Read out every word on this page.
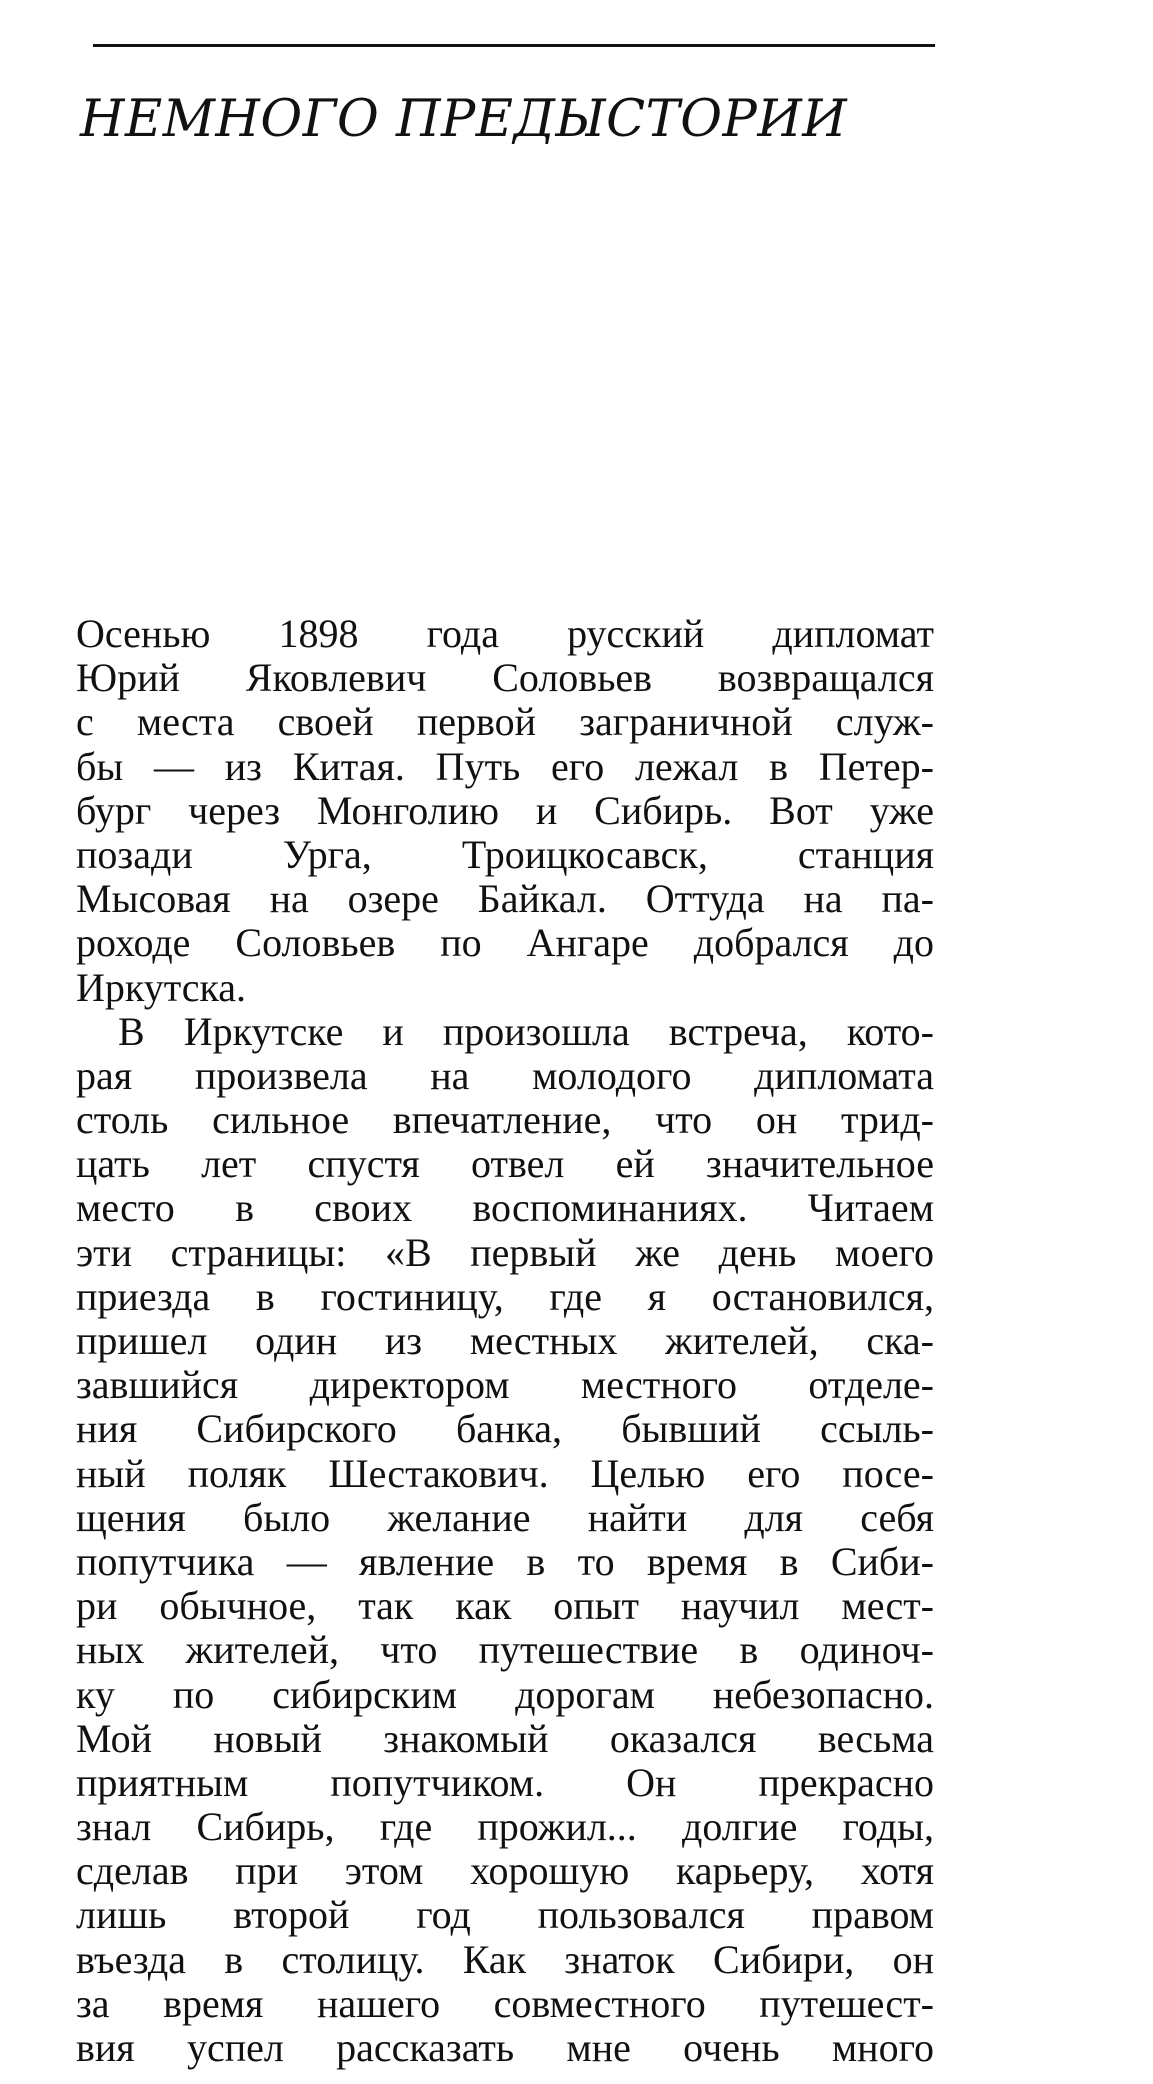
НЕМНОГО ПРЕДЫСТОРИИ
Осенью 1898 года русский дипломат
Юрий Яковлевич Соловьев возвращался
с места своей первой заграничной служ-
бы — из Китая. Путь его лежал в Петер-
бург через Монголию и Сибирь. Вот уже
позади Урга, Троицкосавск, станция
Мысовая на озере Байкал. Оттуда на па-
роходе Соловьев по Ангаре добрался до
Иркутска.
В Иркутске и произошла встреча, кото-
рая произвела на молодого дипломата
столь сильное впечатление, что он трид-
цать лет спустя отвел ей значительное
место в своих воспоминаниях. Читаем
эти страницы: «В первый же день моего
приезда в гостиницу, где я остановился,
пришел один из местных жителей, ска-
завшийся директором местного отделе-
ния Сибирского банка, бывший ссыль-
ный поляк Шестакович. Целью его посе-
щения было желание найти для себя
попутчика — явление в то время в Сиби-
ри обычное, так как опыт научил мест-
ных жителей, что путешествие в одиноч-
ку по сибирским дорогам небезопасно.
Мой новый знакомый оказался весьма
приятным попутчиком. Он прекрасно
знал Сибирь, где прожил... долгие годы,
сделав при этом хорошую карьеру, хотя
лишь второй год пользовался правом
въезда в столицу. Как знаток Сибири, он
за время нашего совместного путешест-
вия успел рассказать мне очень много
